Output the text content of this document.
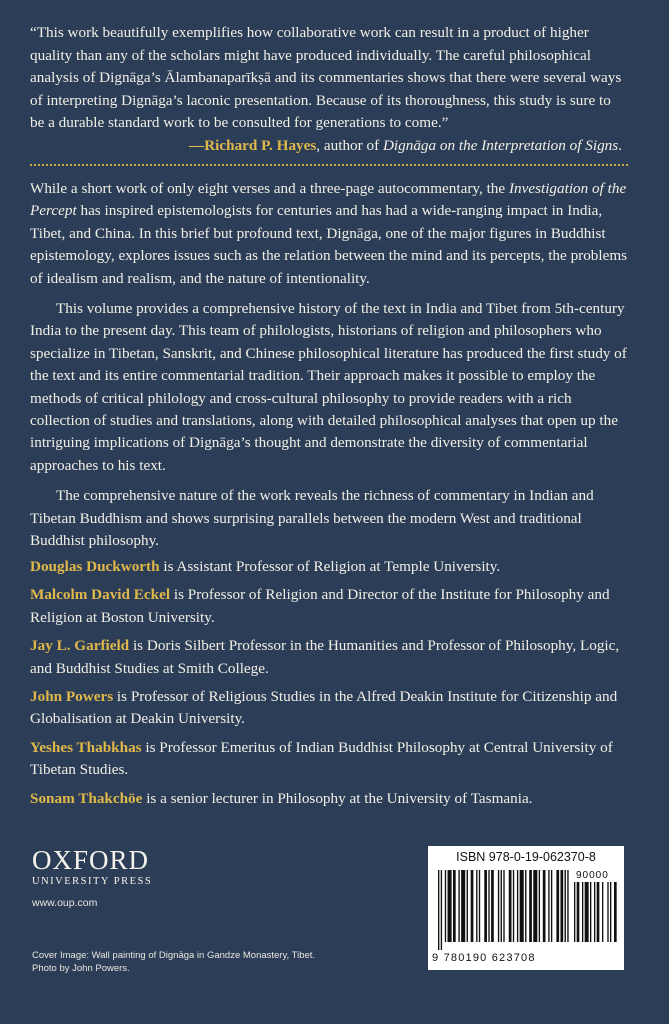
“This work beautifully exemplifies how collaborative work can result in a product of higher quality than any of the scholars might have produced individually. The careful philosophical analysis of Dignāga’s Ālambanaparīkṣā and its commentaries shows that there were several ways of interpreting Dignāga’s laconic presentation. Because of its thoroughness, this study is sure to be a durable standard work to be consulted for generations to come.”
—Richard P. Hayes, author of Dignāga on the Interpretation of Signs.

While a short work of only eight verses and a three-page autocommentary, the Investigation of the Percept has inspired epistemologists for centuries and has had a wide-ranging impact in India, Tibet, and China. In this brief but profound text, Dignāga, one of the major figures in Buddhist epistemology, explores issues such as the relation between the mind and its percepts, the problems of idealism and realism, and the nature of intentionality.

This volume provides a comprehensive history of the text in India and Tibet from 5th-century India to the present day. This team of philologists, historians of religion and philosophers who specialize in Tibetan, Sanskrit, and Chinese philosophical literature has produced the first study of the text and its entire commentarial tradition. Their approach makes it possible to employ the methods of critical philology and cross-cultural philosophy to provide readers with a rich collection of studies and translations, along with detailed philosophical analyses that open up the intriguing implications of Dignāga’s thought and demonstrate the diversity of commentarial approaches to his text.

The comprehensive nature of the work reveals the richness of commentary in Indian and Tibetan Buddhism and shows surprising parallels between the modern West and traditional Buddhist philosophy.

Douglas Duckworth is Assistant Professor of Religion at Temple University.
Malcolm David Eckel is Professor of Religion and Director of the Institute for Philosophy and Religion at Boston University.
Jay L. Garfield is Doris Silbert Professor in the Humanities and Professor of Philosophy, Logic, and Buddhist Studies at Smith College.
John Powers is Professor of Religious Studies in the Alfred Deakin Institute for Citizenship and Globalisation at Deakin University.
Yeshes Thabkhas is Professor Emeritus of Indian Buddhist Philosophy at Central University of Tibetan Studies.
Sonam Thakchöe is a senior lecturer in Philosophy at the University of Tasmania.
OXFORD
UNIVERSITY PRESS
www.oup.com
Cover Image: Wall painting of Dignāga in Gandze Monastery, Tibet.
Photo by John Powers.
ISBN 978-0-19-062370-8
90000
9 780190 623708
